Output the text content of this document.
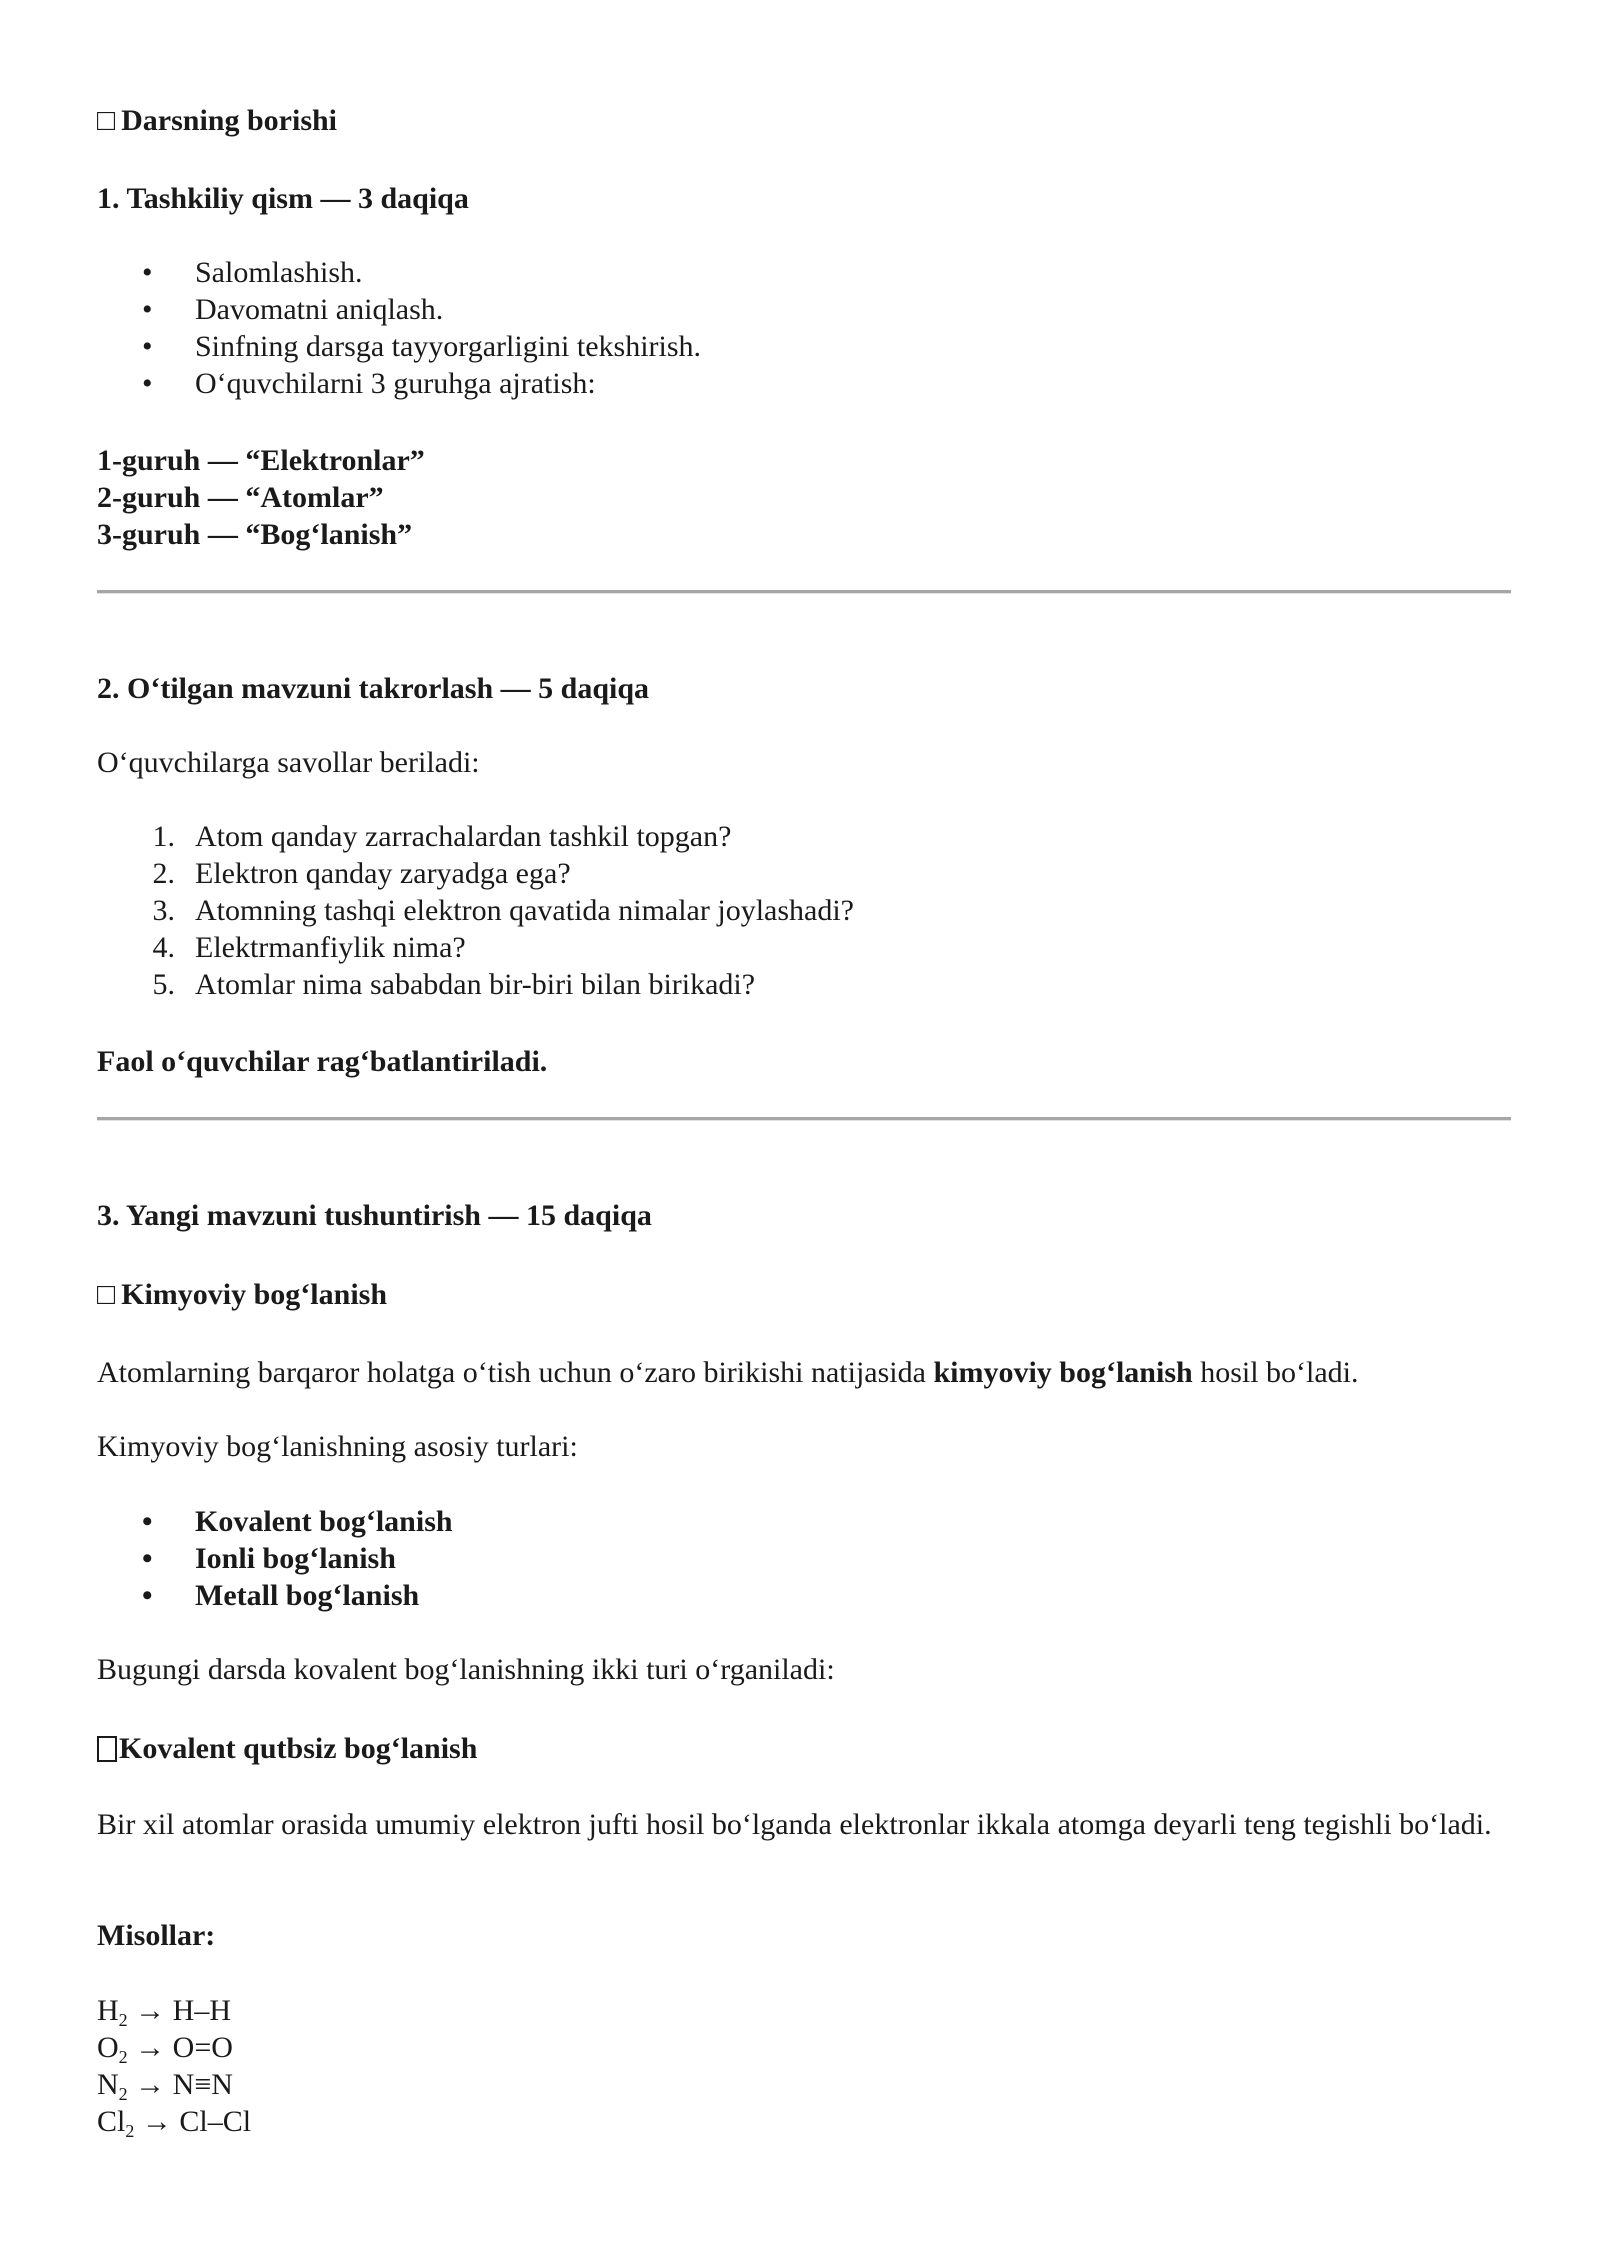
□ Darsning borishi
1. Tashkiliy qism — 3 daqiqa
• Salomlashish.
• Davomatni aniqlash.
• Sinfning darsga tayyorgarligini tekshirish.
• O‘quvchilarni 3 guruhga ajratish:
1-guruh — “Elektronlar”
2-guruh — “Atomlar”
3-guruh — “Bog‘lanish”
2. O‘tilgan mavzuni takrorlash — 5 daqiqa
O‘quvchilarga savollar beriladi:
1. Atom qanday zarrachalardan tashkil topgan?
2. Elektron qanday zaryadga ega?
3. Atomning tashqi elektron qavatida nimalar joylashadi?
4. Elektrmanfiylik nima?
5. Atomlar nima sababdan bir-biri bilan birikadi?
Faol o‘quvchilar rag‘batlantiriladi.
3. Yangi mavzuni tushuntirish — 15 daqiqa
□ Kimyoviy bog‘lanish
Atomlarning barqaror holatga o‘tish uchun o‘zaro birikishi natijasida kimyoviy bog‘lanish hosil bo‘ladi.
Kimyoviy bog‘lanishning asosiy turlari:
• Kovalent bog‘lanish
• Ionli bog‘lanish
• Metall bog‘lanish
Bugungi darsda kovalent bog‘lanishning ikki turi o‘rganiladi:
Kovalent qutbsiz bog‘lanish
Bir xil atomlar orasida umumiy elektron jufti hosil bo‘lganda elektronlar ikkala atomga deyarli teng tegishli bo‘ladi.
Misollar:
$H_2 \to H-H$
$O_2 \to O=O$
$N_2 \to N\equiv N$
$Cl_2 \to Cl-Cl$
